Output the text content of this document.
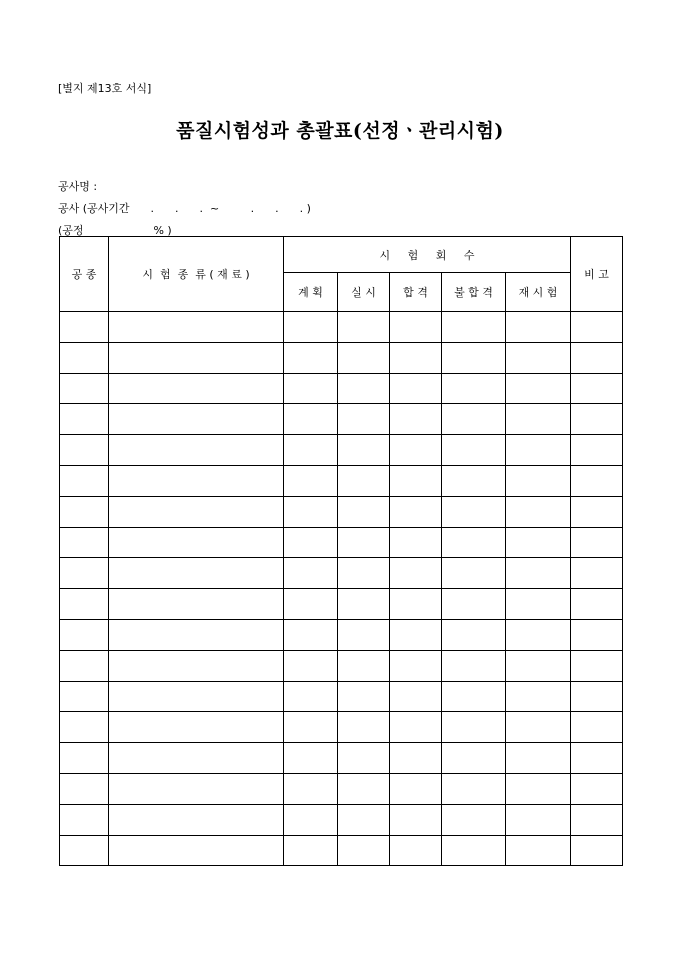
[별지 제13호 서식]
품질시험성과 총괄표(선정ㆍ관리시험)
공사명 :
공사 (공사기간      .      .      .  ~         .      .      . )
(공정                    % )
공 종	시  험  종  류 ( 재 료 )	시     험     회     수					비 고
		계 획	실 시	합 격	불 합 격	재 시 험	
